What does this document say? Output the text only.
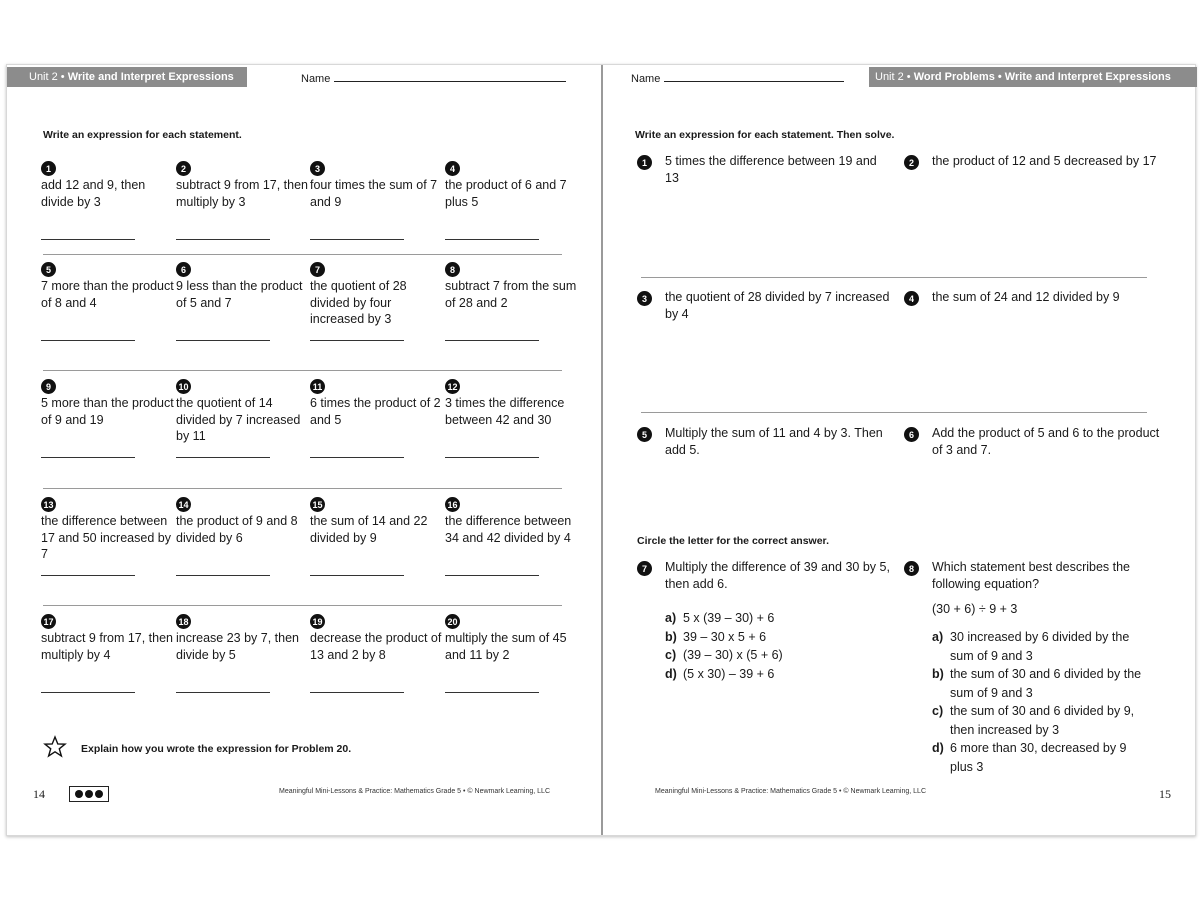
Unit 2 • Write and Interpret Expressions	Name
Write an expression for each statement.
1
add 12 and 9, then divide by 3
2
subtract 9 from 17, then multiply by 3
3
four times the sum of 7 and 9
4
the product of 6 and 7 plus 5
5
7 more than the product of 8 and 4
6
9 less than the product of 5 and 7
7
the quotient of 28 divided by four increased by 3
8
subtract 7 from the sum of 28 and 2
9
5 more than the product of 9 and 19
10
the quotient of 14 divided by 7 increased by 11
11
6 times the product of 2 and 5
12
3 times the difference between 42 and 30
13
the difference between 17 and 50 increased by 7
14
the product of 9 and 8 divided by 6
15
the sum of 14 and 22 divided by 9
16
the difference between 34 and 42 divided by 4
17
subtract 9 from 17, then multiply by 4
18
increase 23 by 7, then divide by 5
19
decrease the product of 13 and 2 by 8
20
multiply the sum of 45 and 11 by 2
Explain how you wrote the expression for Problem 20.
14	Meaningful Mini-Lessons & Practice: Mathematics Grade 5 • © Newmark Learning, LLC
Name	Unit 2 • Word Problems • Write and Interpret Expressions
Write an expression for each statement. Then solve.
1	5 times the difference between 19 and 13
2	the product of 12 and 5 decreased by 17
3	the quotient of 28 divided by 7 increased by 4
4	the sum of 24 and 12 divided by 9
5	Multiply the sum of 11 and 4 by 3. Then add 5.
6	Add the product of 5 and 6 to the product of 3 and 7.
Circle the letter for the correct answer.
7	Multiply the difference of 39 and 30 by 5, then add 6.
a) 5 x (39 – 30) + 6
b) 39 – 30 x 5 + 6
c) (39 – 30) x (5 + 6)
d) (5 x 30) – 39 + 6
8	Which statement best describes the following equation?
(30 + 6) ÷ 9 + 3
a) 30 increased by 6 divided by the sum of 9 and 3
b) the sum of 30 and 6 divided by the sum of 9 and 3
c) the sum of 30 and 6 divided by 9, then increased by 3
d) 6 more than 30, decreased by 9 plus 3
Meaningful Mini-Lessons & Practice: Mathematics Grade 5 • © Newmark Learning, LLC	15
